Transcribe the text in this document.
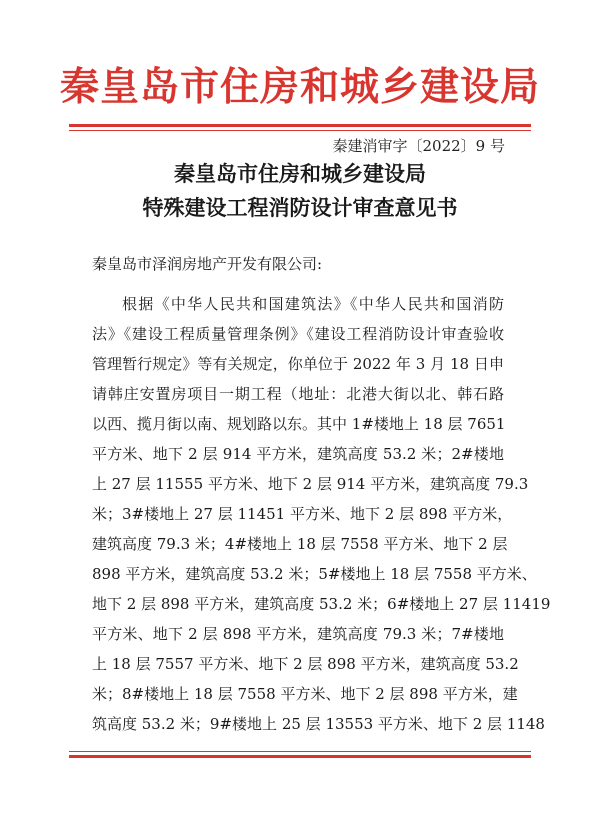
秦皇岛市住房和城乡建设局
秦建消审字〔2022〕9 号
秦皇岛市住房和城乡建设局
特殊建设工程消防设计审查意见书
秦皇岛市泽润房地产开发有限公司:
根据《中华人民共和国建筑法》《中华人民共和国消防
法》《建设工程质量管理条例》《建设工程消防设计审查验收
管理暂行规定》等有关规定，你单位于 2022 年 3 月 18 日申
请韩庄安置房项目一期工程（地址：北港大街以北、韩石路
以西、揽月街以南、规划路以东。其中 1#楼地上 18 层 7651
平方米、地下 2 层 914 平方米，建筑高度 53.2 米；2#楼地
上 27 层 11555 平方米、地下 2 层 914 平方米，建筑高度 79.3
米；3#楼地上 27 层 11451 平方米、地下 2 层 898 平方米，
建筑高度 79.3 米；4#楼地上 18 层 7558 平方米、地下 2 层
898 平方米，建筑高度 53.2 米；5#楼地上 18 层 7558 平方米、
地下 2 层 898 平方米，建筑高度 53.2 米；6#楼地上 27 层 11419
平方米、地下 2 层 898 平方米，建筑高度 79.3 米；7#楼地
上 18 层 7557 平方米、地下 2 层 898 平方米，建筑高度 53.2
米；8#楼地上 18 层 7558 平方米、地下 2 层 898 平方米，建
筑高度 53.2 米；9#楼地上 25 层 13553 平方米、地下 2 层 1148
